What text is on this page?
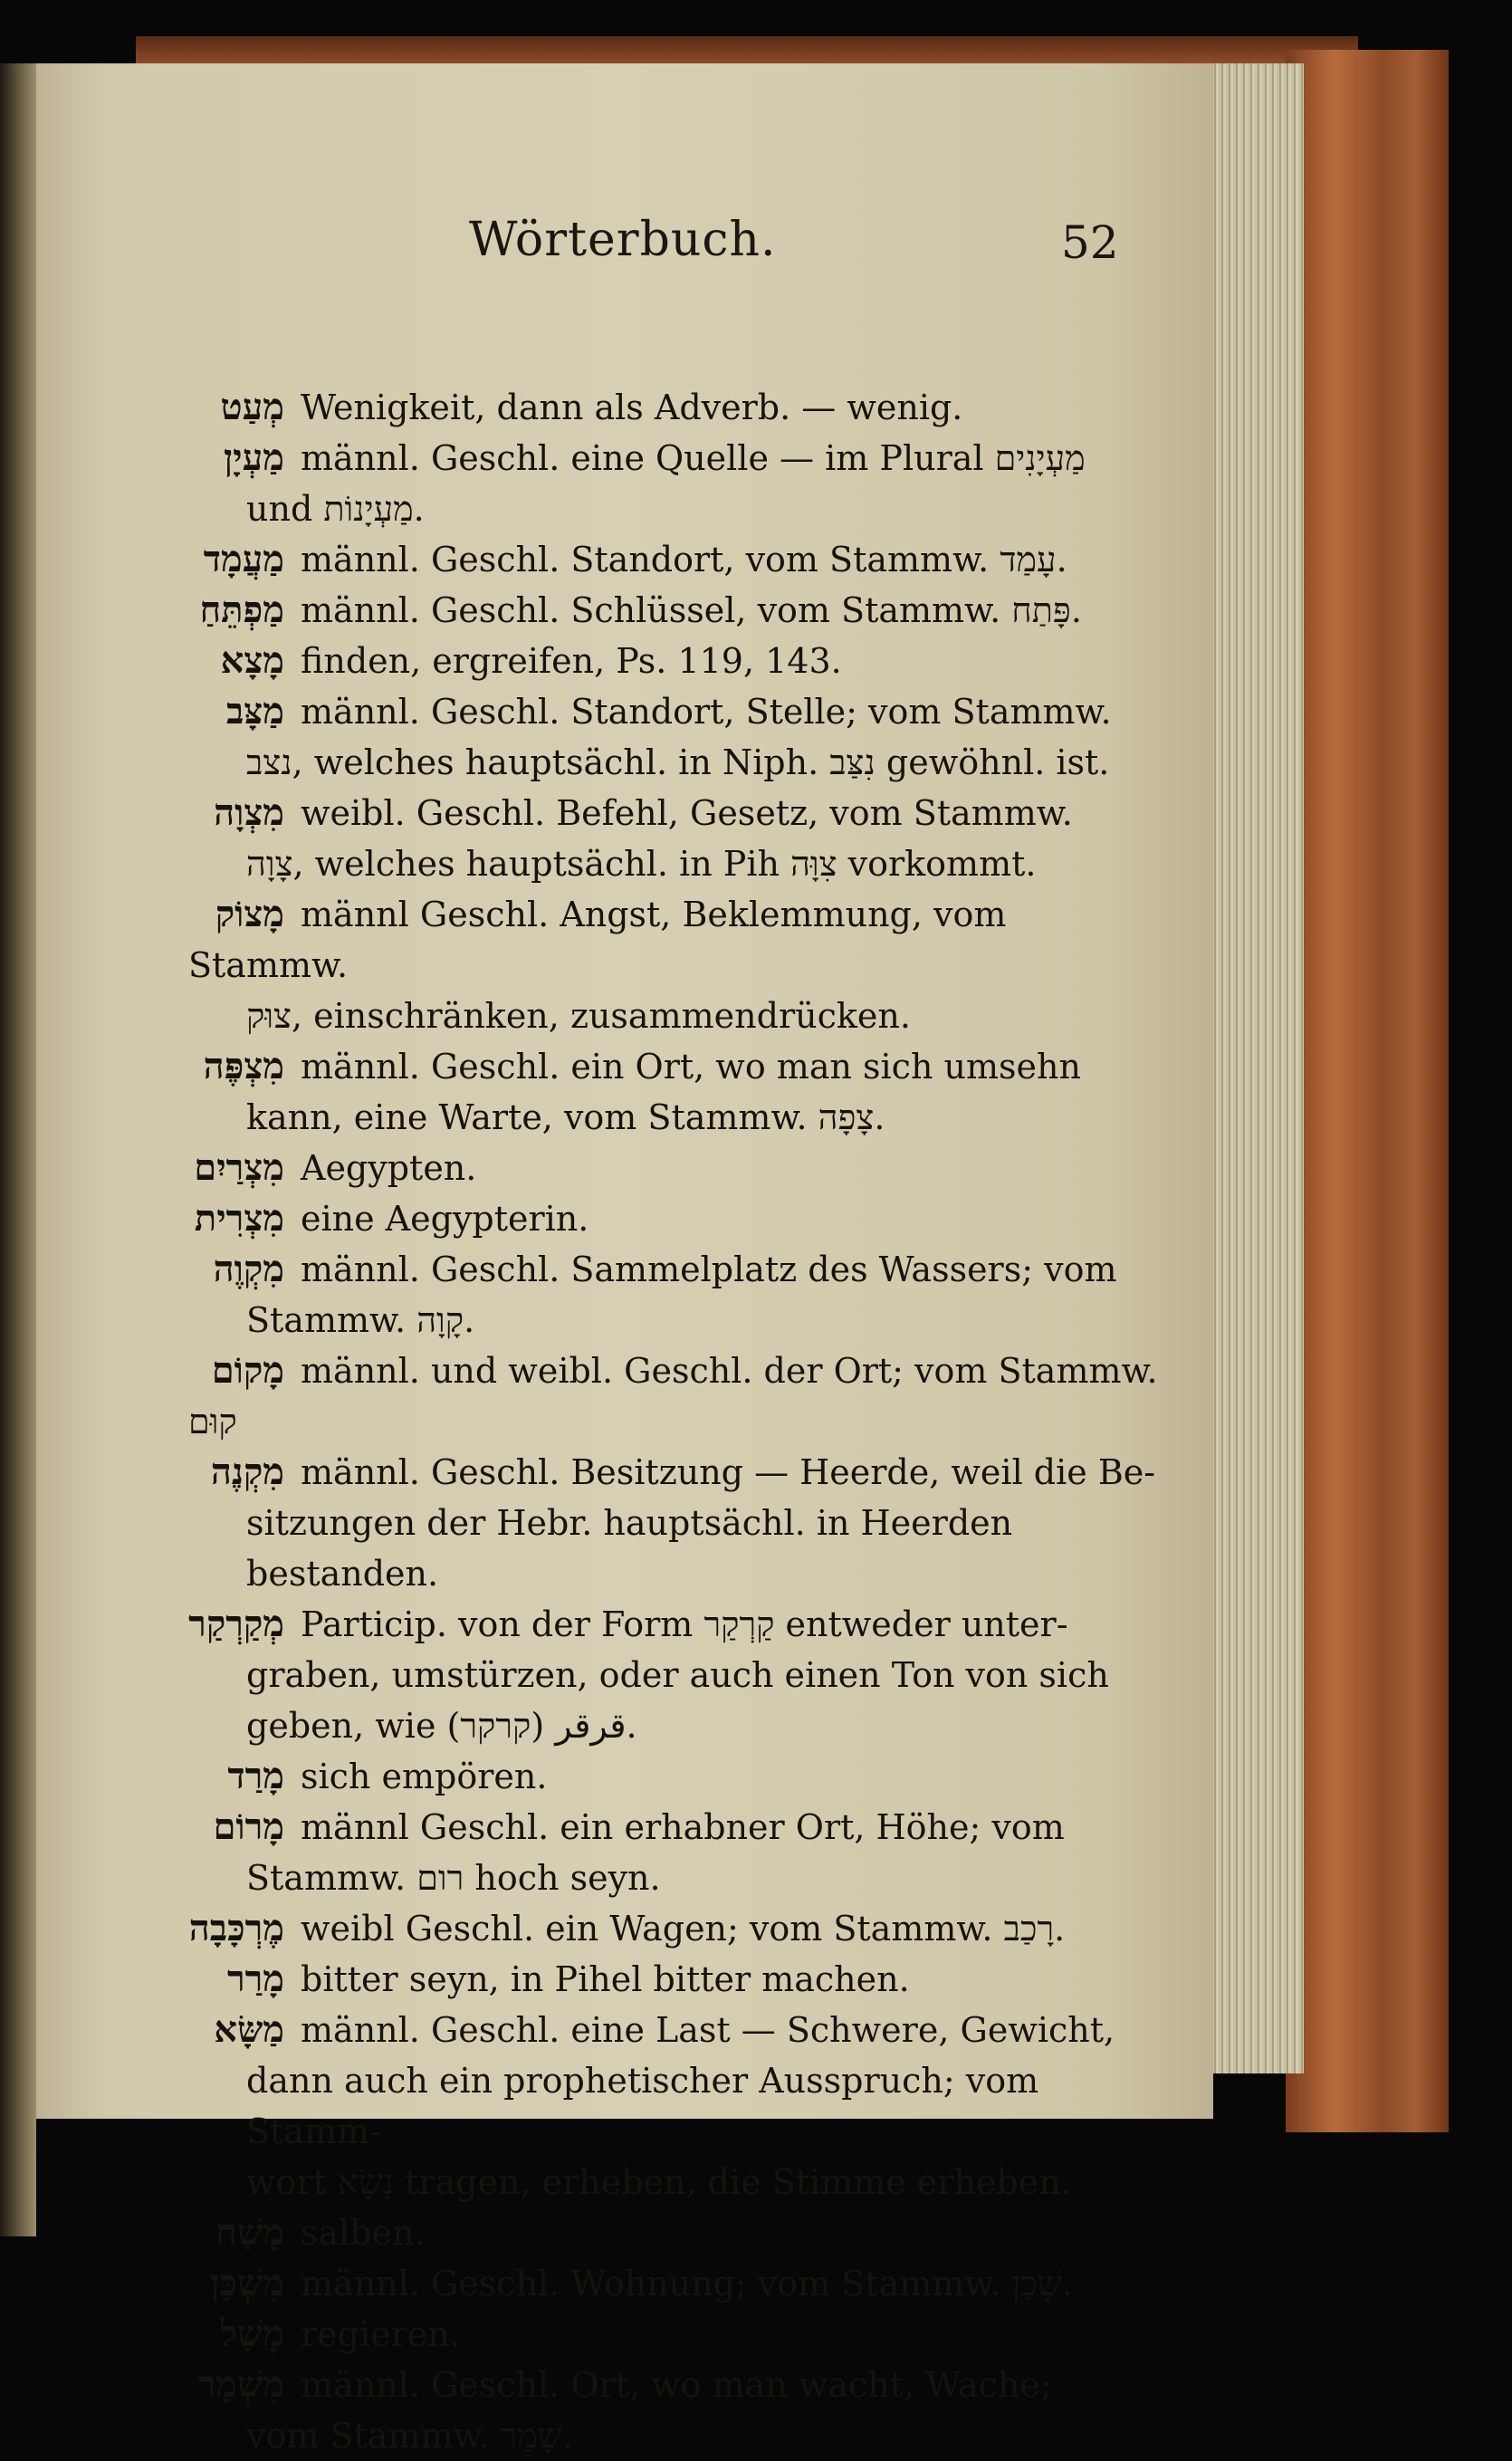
Wörterbuch.	52
מְעַט Wenigkeit, dann als Adverb. — wenig.
מַעְיָן männl. Geschl. eine Quelle — im Plural מַעְיָנִים
und מַעְיָנוֹת.
מַעֲמָד männl. Geschl. Standort, vom Stammw. עָמַד.
מַפְתֵּחַ männl. Geschl. Schlüssel, vom Stammw. פָּתַח.
מָצָא finden, ergreifen, Ps. 119, 143.
מַצָּב männl. Geschl. Standort, Stelle; vom Stammw.
נצב, welches hauptsächl. in Niph. נִצַּב gewöhnl. ist.
מִצְוָה weibl. Geschl. Befehl, Gesetz, vom Stammw.
צָוָה, welches hauptsächl. in Pih צִוָּה vorkommt.
מָצוֹק männl Geschl. Angst, Beklemmung, vom Stammw.
צוּק, einschränken, zusammendrücken.
מִצְפֶּה männl. Geschl. ein Ort, wo man sich umsehn
kann, eine Warte, vom Stammw. צָפָה.
מִצְרַיִם Aegypten.
מִצְרִית eine Aegypterin.
מִקְוֶה männl. Geschl. Sammelplatz des Wassers; vom
Stammw. קָוָה.
מָקוֹם männl. und weibl. Geschl. der Ort; vom Stammw. קוּם
מִקְנֶה männl. Geschl. Besitzung — Heerde, weil die Be-
sitzungen der Hebr. hauptsächl. in Heerden bestanden.
מְקַרְקַר Particip. von der Form קַרְקַר entweder unter-
graben, umstürzen, oder auch einen Ton von sich
geben, wie قرقر (קרקר).
מָרַד sich empören.
מָרוֹם männl Geschl. ein erhabner Ort, Höhe; vom
Stammw. רום hoch seyn.
מֶרְכָּבָה weibl Geschl. ein Wagen; vom Stammw. רָכַב.
מָרַר bitter seyn, in Pihel bitter machen.
מַשָּׂא männl. Geschl. eine Last — Schwere, Gewicht,
dann auch ein prophetischer Ausspruch; vom Stamm-
wort נָשָׂא tragen, erheben, die Stimme erheben.
מָשַׁח salben.
מִשְׁכָּן männl. Geschl. Wohnung; vom Stammw. שָׁכַן.
מָשַׁל regieren.
מִשְׁמָר männl. Geschl. Ort, wo man wacht, Wache;
vom Stammw. שָׁמַר.
